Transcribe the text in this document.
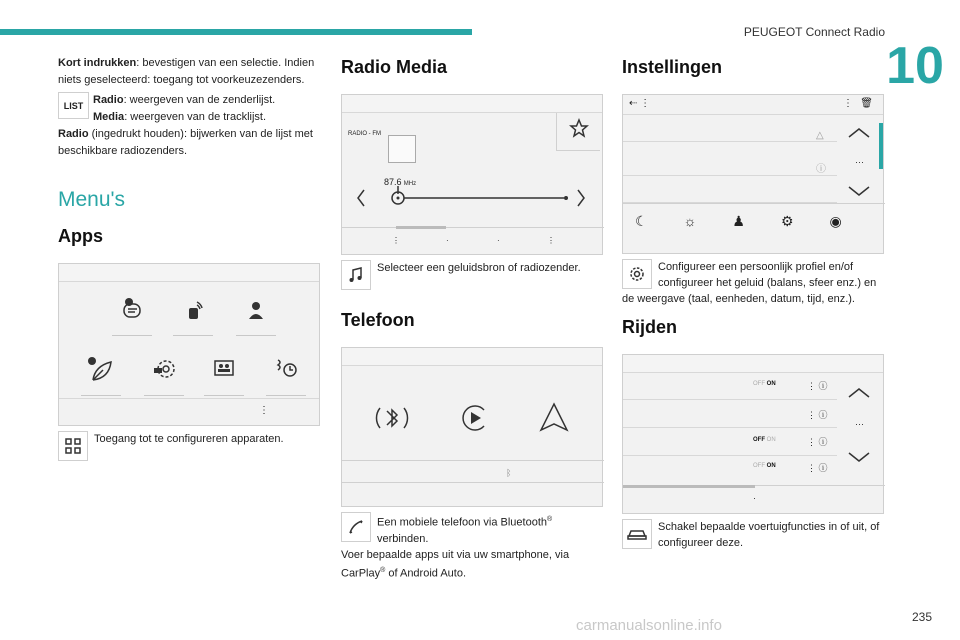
PEUGEOT Connect Radio
10

Kort indrukken: bevestigen van een selectie. Indien niets geselecteerd: toegang tot voorkeuzezenders.

LIST Radio: weergeven van de zenderlijst.
Media: weergeven van de tracklijst.

Radio (ingedrukt houden): bijwerken van de lijst met beschikbare radiozenders.

Menu's
Apps
⋮

Toegang tot te configureren apparaten.

Radio Media
RADIO - FM
87.6 MHz
⋮	·	·	⋮

Selecteer een geluidsbron of radiozender.

Telefoon
ᛒ

Een mobiele telefoon via Bluetooth®
verbinden.

Voer bepaalde apps uit via uw smartphone, via CarPlay® of Android Auto.

Instellingen
⇠ ⋮	⋮ 🗑
△
ⓘ
···
☾	☼	♟	⚙	◉

Configureer een persoonlijk profiel en/of configureer het geluid (balans, sfeer enz.) en

de weergave (taal, eenheden, datum, tijd, enz.).

Rijden
OFF ON	⋮ ⓘ
⋮ ⓘ
OFF ON	⋮ ⓘ
OFF ON	⋮ ⓘ
···
·

Schakel bepaalde voertuigfuncties in of uit, of configureer deze.

235
carmanualsonline.info
